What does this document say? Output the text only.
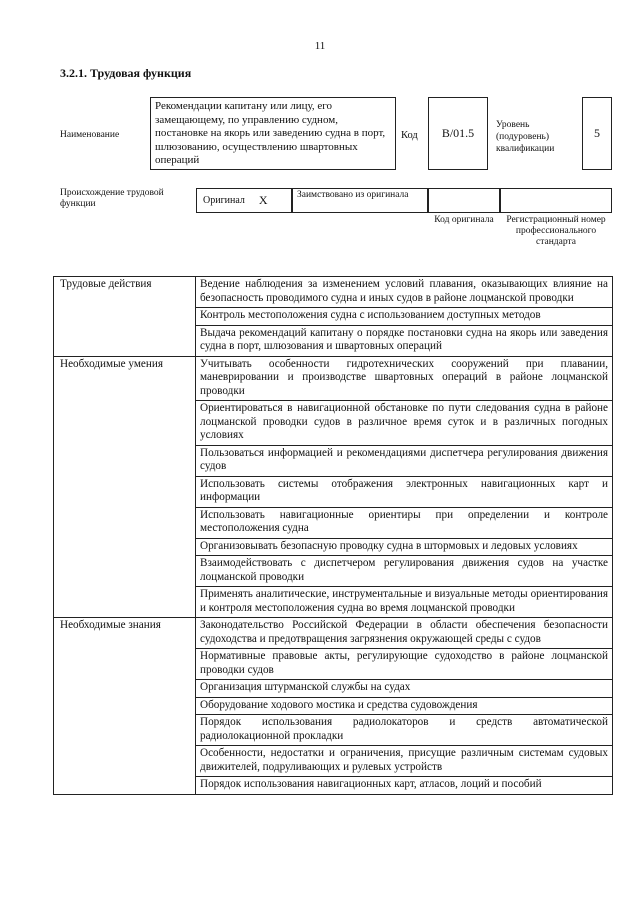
11
3.2.1. Трудовая функция
Наименование
Рекомендации капитану или лицу, его замещающему, по управлению судном, постановке на якорь или заведению судна в порт, шлюзованию, осуществлению швартовных операций
Код	B/01.5
Уровень (подуровень) квалификации
5
Происхождение трудовой функции	Оригинал X	Заимствовано из оригинала
Код оригинала	Регистрационный номер профессионального стандарта
Трудовые действия	Ведение наблюдения за изменением условий плавания, оказывающих влияние на безопасность проводимого судна и иных судов в районе лоцманской проводки
	Контроль местоположения судна с использованием доступных методов
	Выдача рекомендаций капитану о порядке постановки судна на якорь или заведения судна в порт, шлюзования и швартовных операций
Необходимые умения	Учитывать особенности гидротехнических сооружений при плавании, маневрировании и производстве швартовных операций в районе лоцманской проводки
	Ориентироваться в навигационной обстановке по пути следования судна в районе лоцманской проводки судов в различное время суток и в различных погодных условиях
	Пользоваться информацией и рекомендациями диспетчера регулирования движения судов
	Использовать системы отображения электронных навигационных карт и информации
	Использовать навигационные ориентиры при определении и контроле местоположения судна
	Организовывать безопасную проводку судна в штормовых и ледовых условиях
	Взаимодействовать с диспетчером регулирования движения судов на участке лоцманской проводки
	Применять аналитические, инструментальные и визуальные методы ориентирования и контроля местоположения судна во время лоцманской проводки
Необходимые знания	Законодательство Российской Федерации в области обеспечения безопасности судоходства и предотвращения загрязнения окружающей среды с судов
	Нормативные правовые акты, регулирующие судоходство в районе лоцманской проводки судов
	Организация штурманской службы на судах
	Оборудование ходового мостика и средства судовождения
	Порядок использования радиолокаторов и средств автоматической радиолокационной прокладки
	Особенности, недостатки и ограничения, присущие различным системам судовых движителей, подруливающих и рулевых устройств
	Порядок использования навигационных карт, атласов, лоций и пособий
